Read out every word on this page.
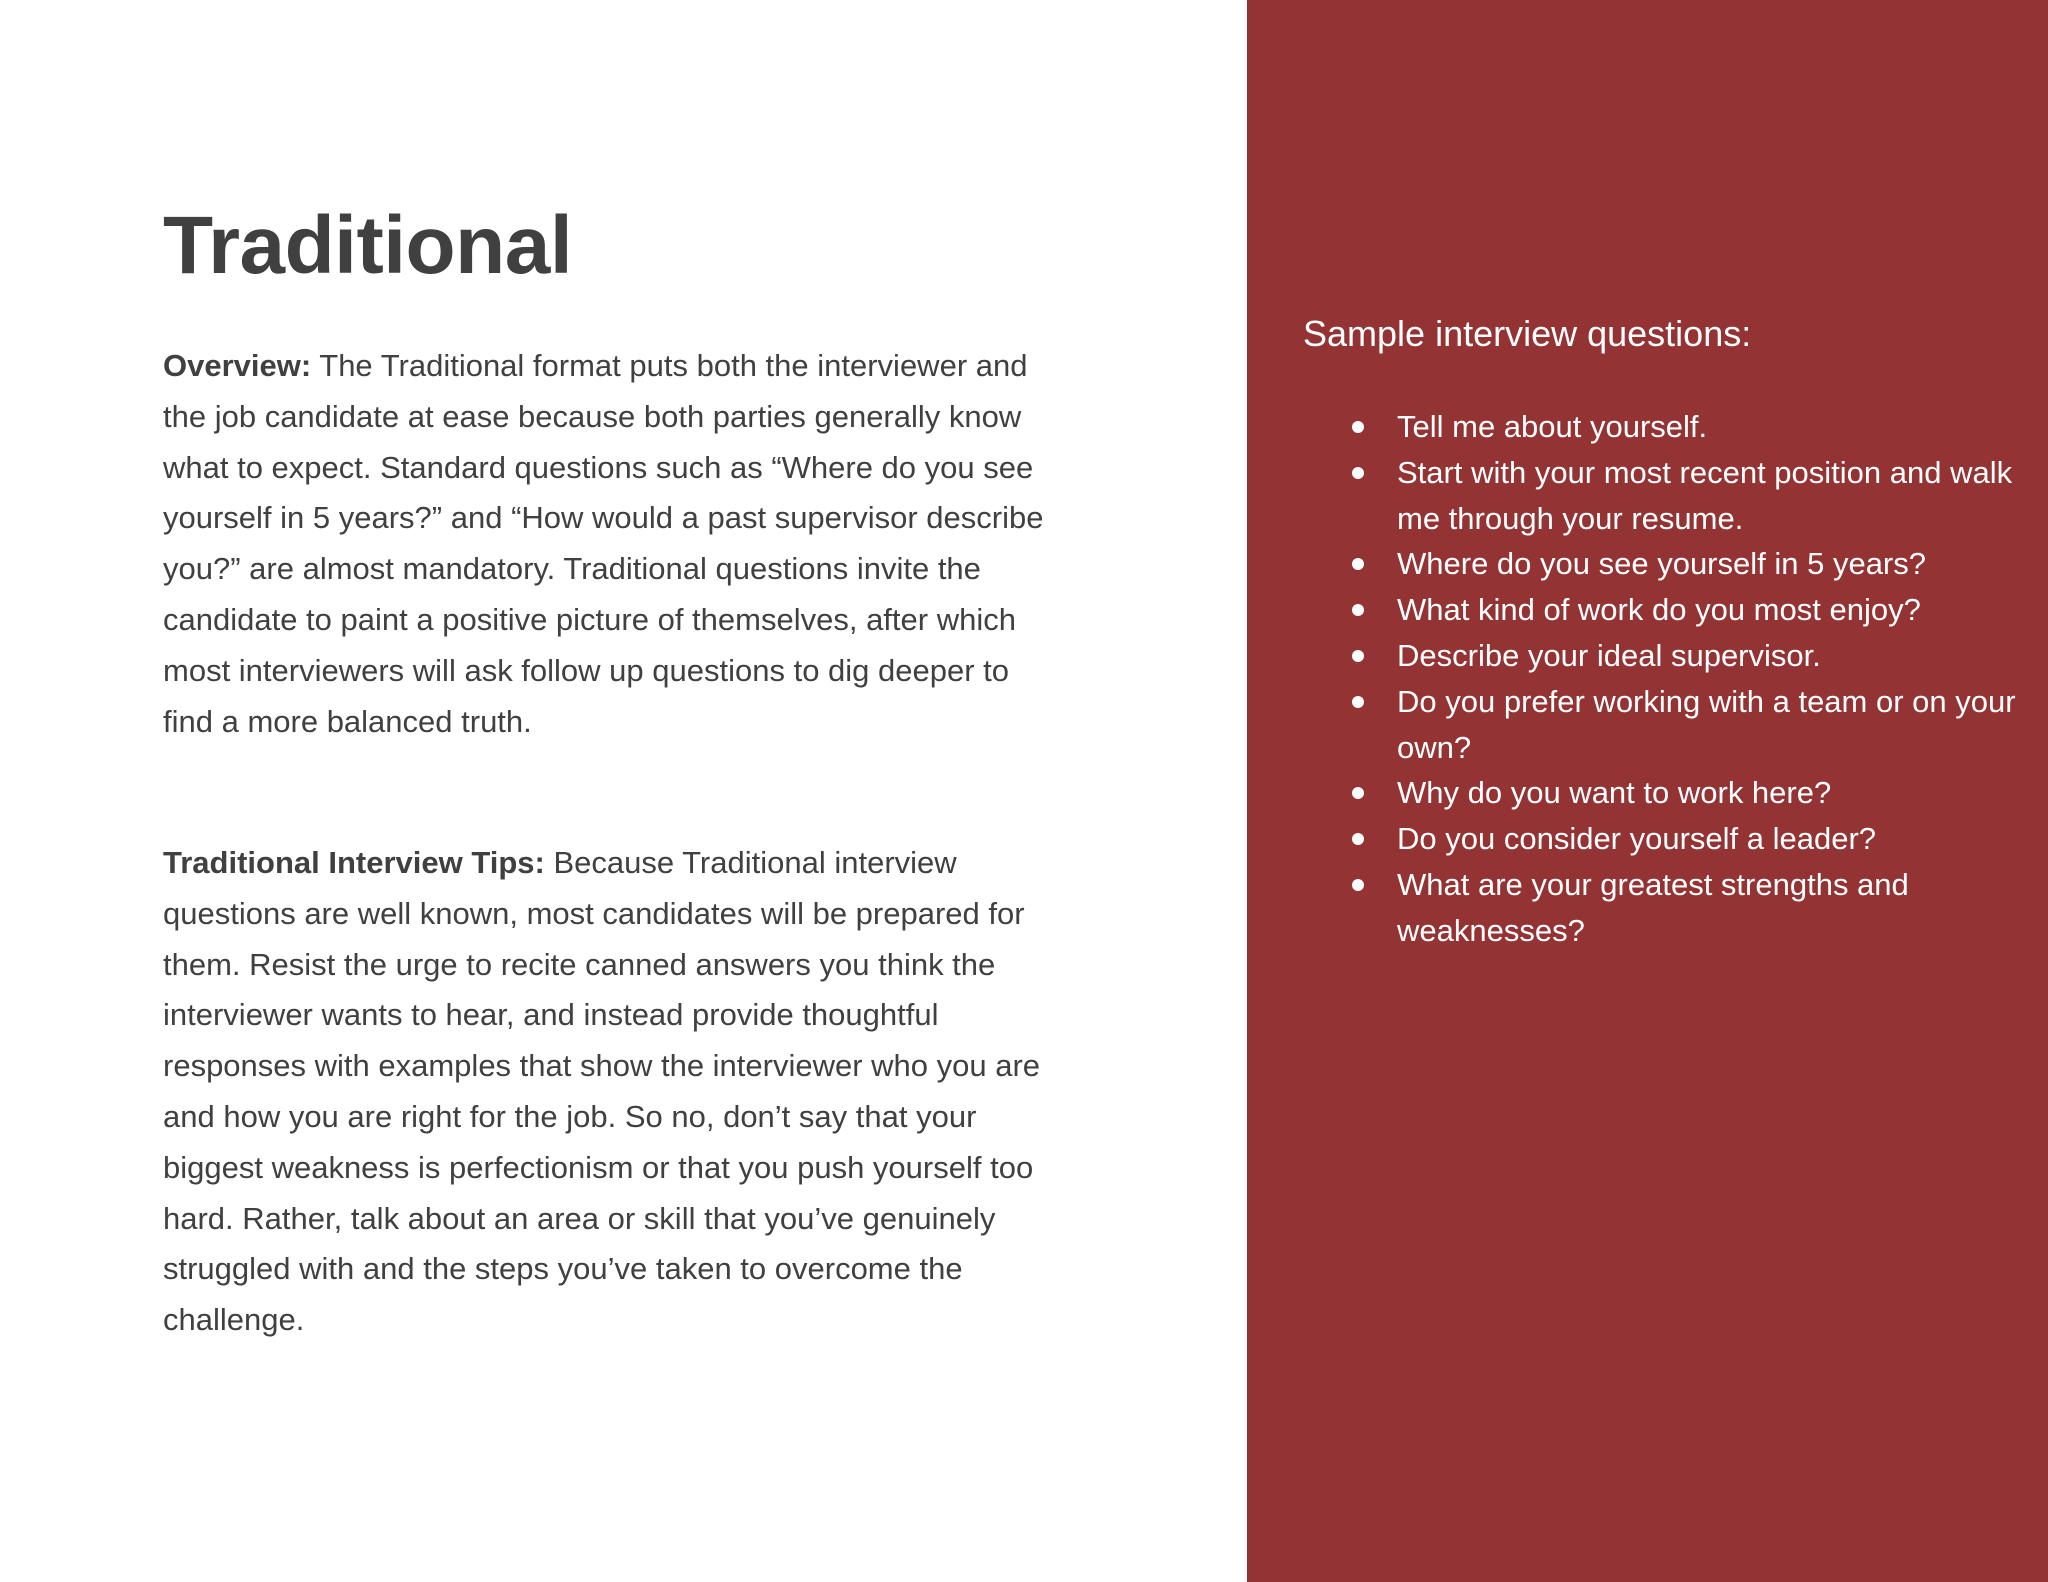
Traditional

Overview: The Traditional format puts both the interviewer and the job candidate at ease because both parties generally know what to expect. Standard questions such as “Where do you see yourself in 5 years?” and “How would a past supervisor describe you?” are almost mandatory. Traditional questions invite the candidate to paint a positive picture of themselves, after which most interviewers will ask follow up questions to dig deeper to find a more balanced truth.

Traditional Interview Tips: Because Traditional interview questions are well known, most candidates will be prepared for them. Resist the urge to recite canned answers you think the interviewer wants to hear, and instead provide thoughtful responses with examples that show the interviewer who you are and how you are right for the job. So no, don’t say that your biggest weakness is perfectionism or that you push yourself too hard. Rather, talk about an area or skill that you’ve genuinely struggled with and the steps you’ve taken to overcome the challenge.

Sample interview questions:
Tell me about yourself.
Start with your most recent position and walk me through your resume.
Where do you see yourself in 5 years?
What kind of work do you most enjoy?
Describe your ideal supervisor.
Do you prefer working with a team or on your own?
Why do you want to work here?
Do you consider yourself a leader?
What are your greatest strengths and weaknesses?
